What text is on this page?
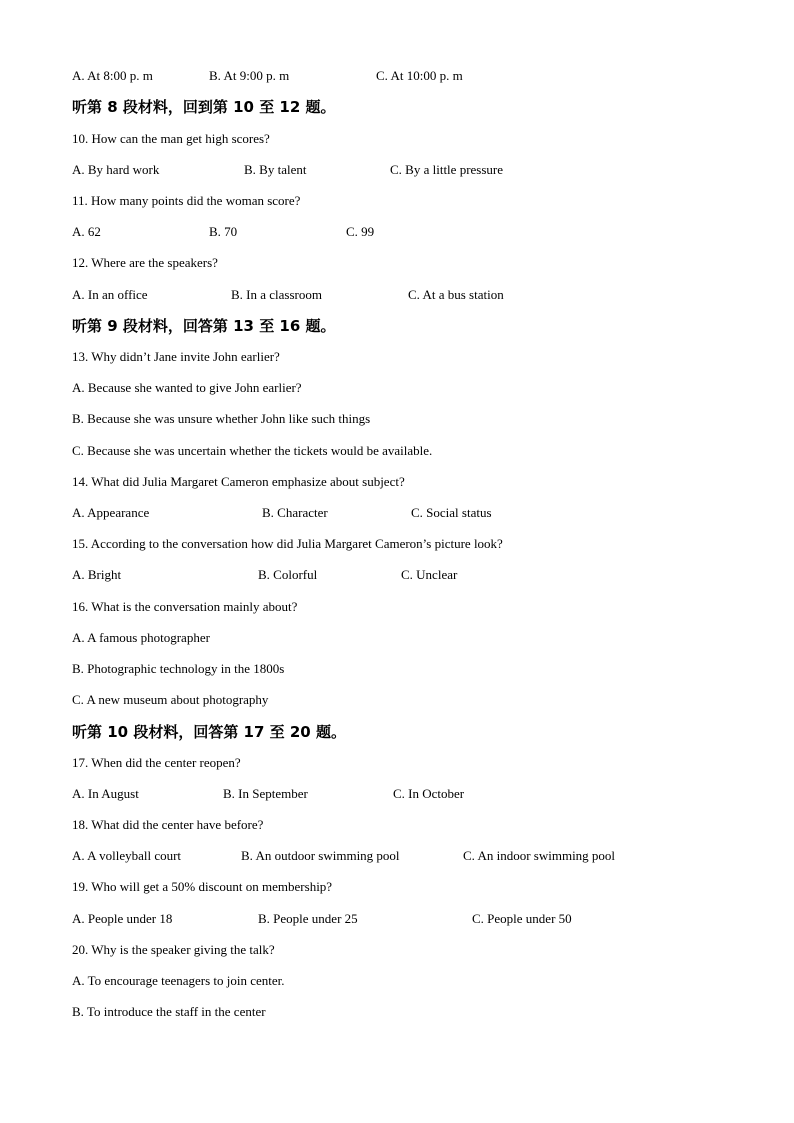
A. At 8:00 p. m	B. At 9:00 p. m	C. At 10:00 p. m
听第 8 段材料，回到第 10 至 12 题。
10. How can the man get high scores?
A. By hard work	B. By talent	C. By a little pressure
11. How many points did the woman score?
A. 62	B. 70	C. 99
12. Where are the speakers?
A. In an office	B. In a classroom	C. At a bus station
听第 9 段材料，回答第 13 至 16 题。
13. Why didn’t Jane invite John earlier?
A. Because she wanted to give John earlier?
B. Because she was unsure whether John like such things
C. Because she was uncertain whether the tickets would be available.
14. What did Julia Margaret Cameron emphasize about subject?
A. Appearance	B. Character	C. Social status
15. According to the conversation how did Julia Margaret Cameron’s picture look?
A. Bright	B. Colorful	C. Unclear
16. What is the conversation mainly about?
A. A famous photographer
B. Photographic technology in the 1800s
C. A new museum about photography
听第 10 段材料，回答第 17 至 20 题。
17. When did the center reopen?
A. In August	B. In September	C. In October
18. What did the center have before?
A. A volleyball court	B. An outdoor swimming pool	C. An indoor swimming pool
19. Who will get a 50% discount on membership?
A. People under 18	B. People under 25	C. People under 50
20. Why is the speaker giving the talk?
A. To encourage teenagers to join center.
B. To introduce the staff in the center
